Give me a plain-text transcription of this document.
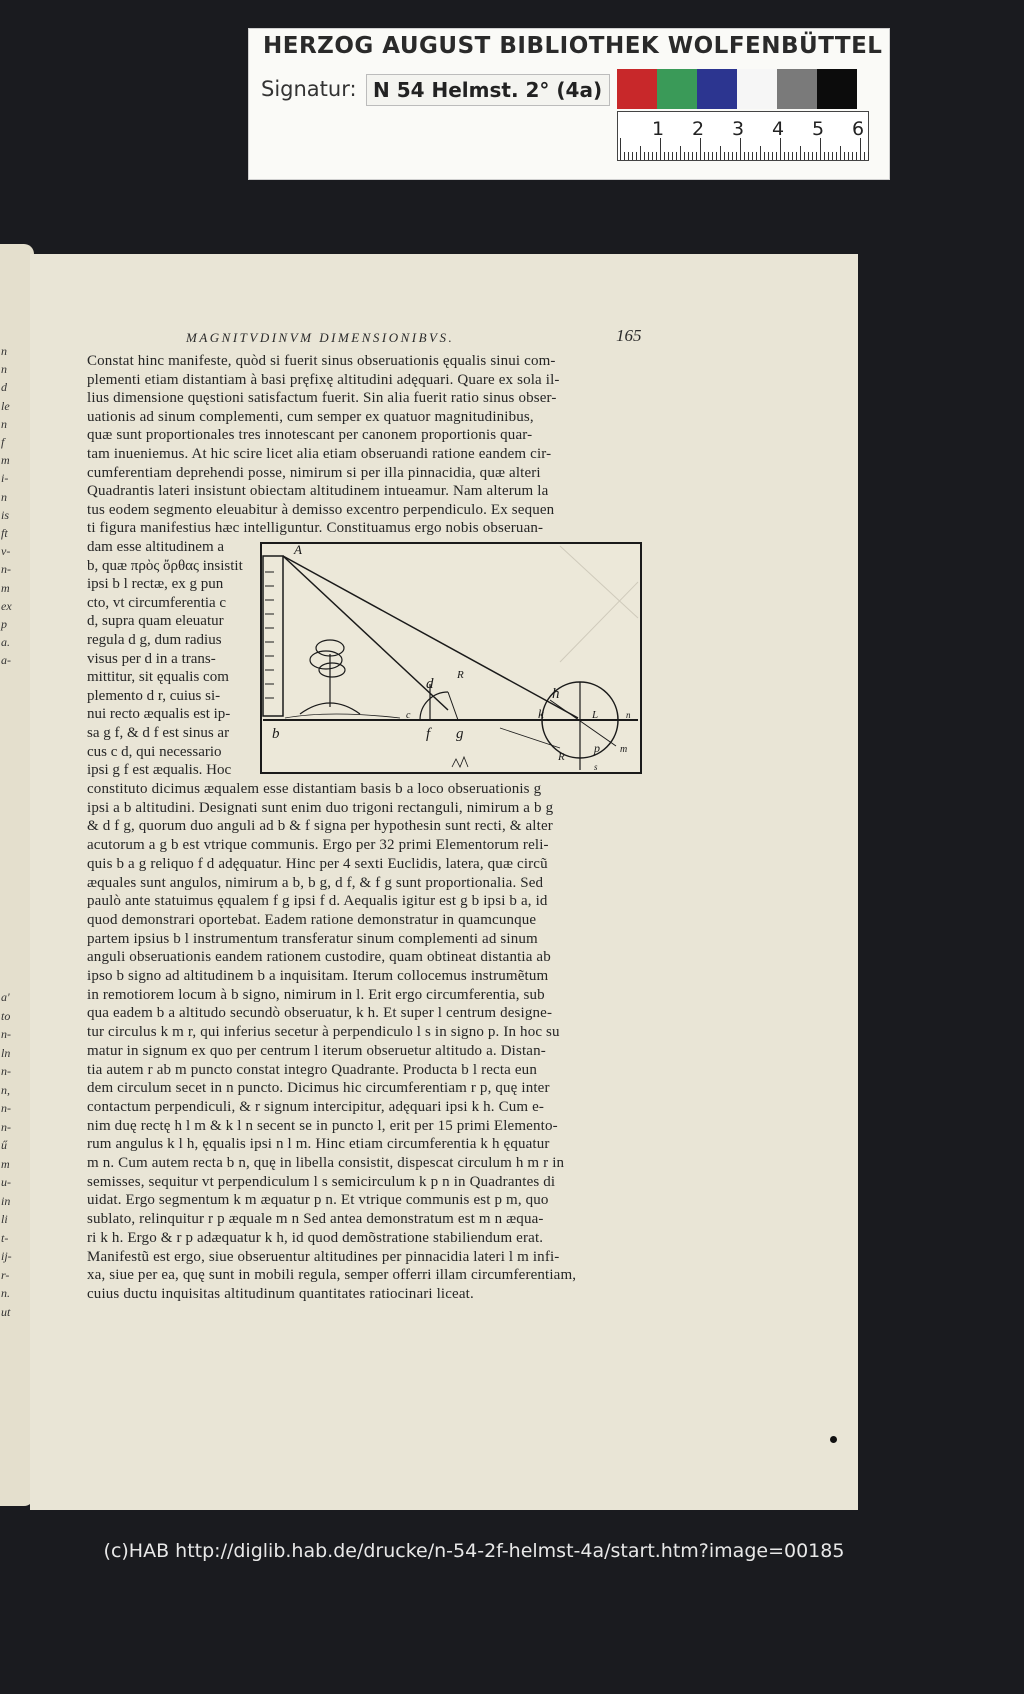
HERZOG AUGUST BIBLIOTHEK WOLFENBÜTTEL
Signatur: N 54 Helmst. 2° (4a)
1 2 3 4 5 6
n
n
d
le
n
f
m
i-
n
is
ft
v-
n-
m
ex
p
a.
a-
a'
to
n-
ln
n-
n,
n-
n-
ű
m
u-
in
li
t-
ij-
r-
n.
ut
MAGNITVDINVM DIMENSIONIBVS.	165
A
b
d
R
c
f g
h
k	L	n
p m
R
s
Constat hinc manifeste, quòd si fuerit sinus obseruationis ęqualis sinui com-
plementi etiam distantiam à basi pręfixę altitudini adęquari. Quare ex sola il-
lius dimensione quęstioni satisfactum fuerit. Sin alia fuerit ratio sinus obser-
uationis ad sinum complementi, cum semper ex quatuor magnitudinibus,
quæ sunt proportionales tres innotescant per canonem proportionis quar-
tam inueniemus. At hic scire licet alia etiam obseruandi ratione eandem cir-
cumferentiam deprehendi posse, nimirum si per illa pinnacidia, quæ alteri
Quadrantis lateri insistunt obiectam altitudinem intueamur. Nam alterum la
tus eodem segmento eleuabitur à demisso excentro perpendiculo. Ex sequen
ti figura manifestius hæc intelliguntur. Constituamus ergo nobis obseruan-
dam esse altitudinem a
b, quæ πρὸς ὄρθας insistit
ipsi b l rectæ, ex g pun
cto, vt circumferentia c
d, supra quam eleuatur
regula d g, dum radius
visus per d in a trans-
mittitur, sit ęqualis com
plemento d r, cuius si-
nui recto æqualis est ip-
sa g f, & d f est sinus ar
cus c d, qui necessario
ipsi g f est æqualis. Hoc
constituto dicimus æqualem esse distantiam basis b a loco obseruationis g
ipsi a b altitudini. Designati sunt enim duo trigoni rectanguli, nimirum a b g
& d f g, quorum duo anguli ad b & f signa per hypothesin sunt recti, & alter
acutorum a g b est vtrique communis. Ergo per 32 primi Elementorum reli-
quis b a g reliquo f d adęquatur. Hinc per 4 sexti Euclidis, latera, quæ circũ
æquales sunt angulos, nimirum a b, b g, d f, & f g sunt proportionalia. Sed
paulò ante statuimus ęqualem f g ipsi f d. Aequalis igitur est g b ipsi b a, id
quod demonstrari oportebat. Eadem ratione demonstratur in quamcunque
partem ipsius b l instrumentum transferatur sinum complementi ad sinum
anguli obseruationis eandem rationem custodire, quam obtineat distantia ab
ipso b signo ad altitudinem b a inquisitam. Iterum collocemus instrumẽtum
in remotiorem locum à b signo, nimirum in l. Erit ergo circumferentia, sub
qua eadem b a altitudo secundò obseruatur, k h. Et super l centrum designe-
tur circulus k m r, qui inferius secetur à perpendiculo l s in signo p. In hoc su
matur in signum ex quo per centrum l iterum obseruetur altitudo a. Distan-
tia autem r ab m puncto constat integro Quadrante. Producta b l recta eun
dem circulum secet in n puncto. Dicimus hic circumferentiam r p, quę inter
contactum perpendiculi, & r signum intercipitur, adęquari ipsi k h. Cum e-
nim duę rectę h l m & k l n secent se in puncto l, erit per 15 primi Elemento-
rum angulus k l h, ęqualis ipsi n l m. Hinc etiam circumferentia k h ęquatur
m n. Cum autem recta b n, quę in libella consistit, dispescat circulum h m r in
semisses, sequitur vt perpendiculum l s semicirculum k p n in Quadrantes di
uidat. Ergo segmentum k m æquatur p n. Et vtrique communis est p m, quo
sublato, relinquitur r p æquale m n Sed antea demonstratum est m n æqua-
ri k h. Ergo & r p adæquatur k h, id quod demõstratione stabiliendum erat.
Manifestũ est ergo, siue obseruentur altitudines per pinnacidia lateri l m infi-
xa, siue per ea, quę sunt in mobili regula, semper offerri illam circumferentiam,
cuius ductu inquisitas altitudinum quantitates ratiocinari liceat.
(c)HAB http://diglib.hab.de/drucke/n-54-2f-helmst-4a/start.htm?image=00185
